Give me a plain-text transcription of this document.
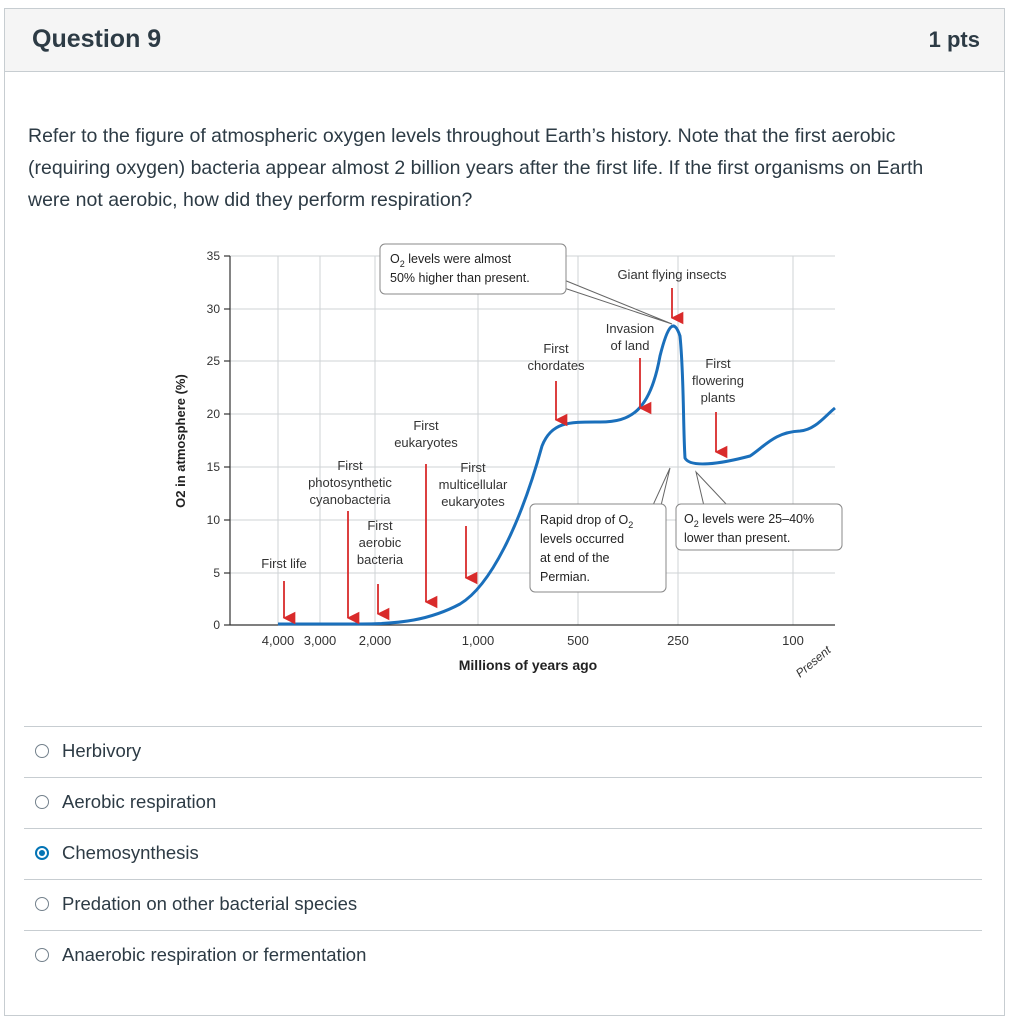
Question 9	1 pts
Refer to the figure of atmospheric oxygen levels throughout Earth’s history. Note that the first aerobic (requiring oxygen) bacteria appear almost 2 billion years after the first life. If the first organisms on Earth were not aerobic, how did they perform respiration?
35
30
25
20
15
10
5
0
O2 in atmosphere (%)
4,000 3,000 2,000	1,000	500	250	100
Millions of years ago	Present
First life
First
photosynthetic
cyanobacteria
First
aerobic
bacteria
First
eukaryotes
First
multicellular
eukaryotes
First
chordates
Invasion
of land
Giant flying insects
First
flowering
plants
$O_2$ levels were almost
50% higher than present.
Rapid drop of $O_2$
levels occurred
at end of the
Permian.
$O_2$ levels were 25–40%
lower than present.
Herbivory
Aerobic respiration
Chemosynthesis
Predation on other bacterial species
Anaerobic respiration or fermentation
